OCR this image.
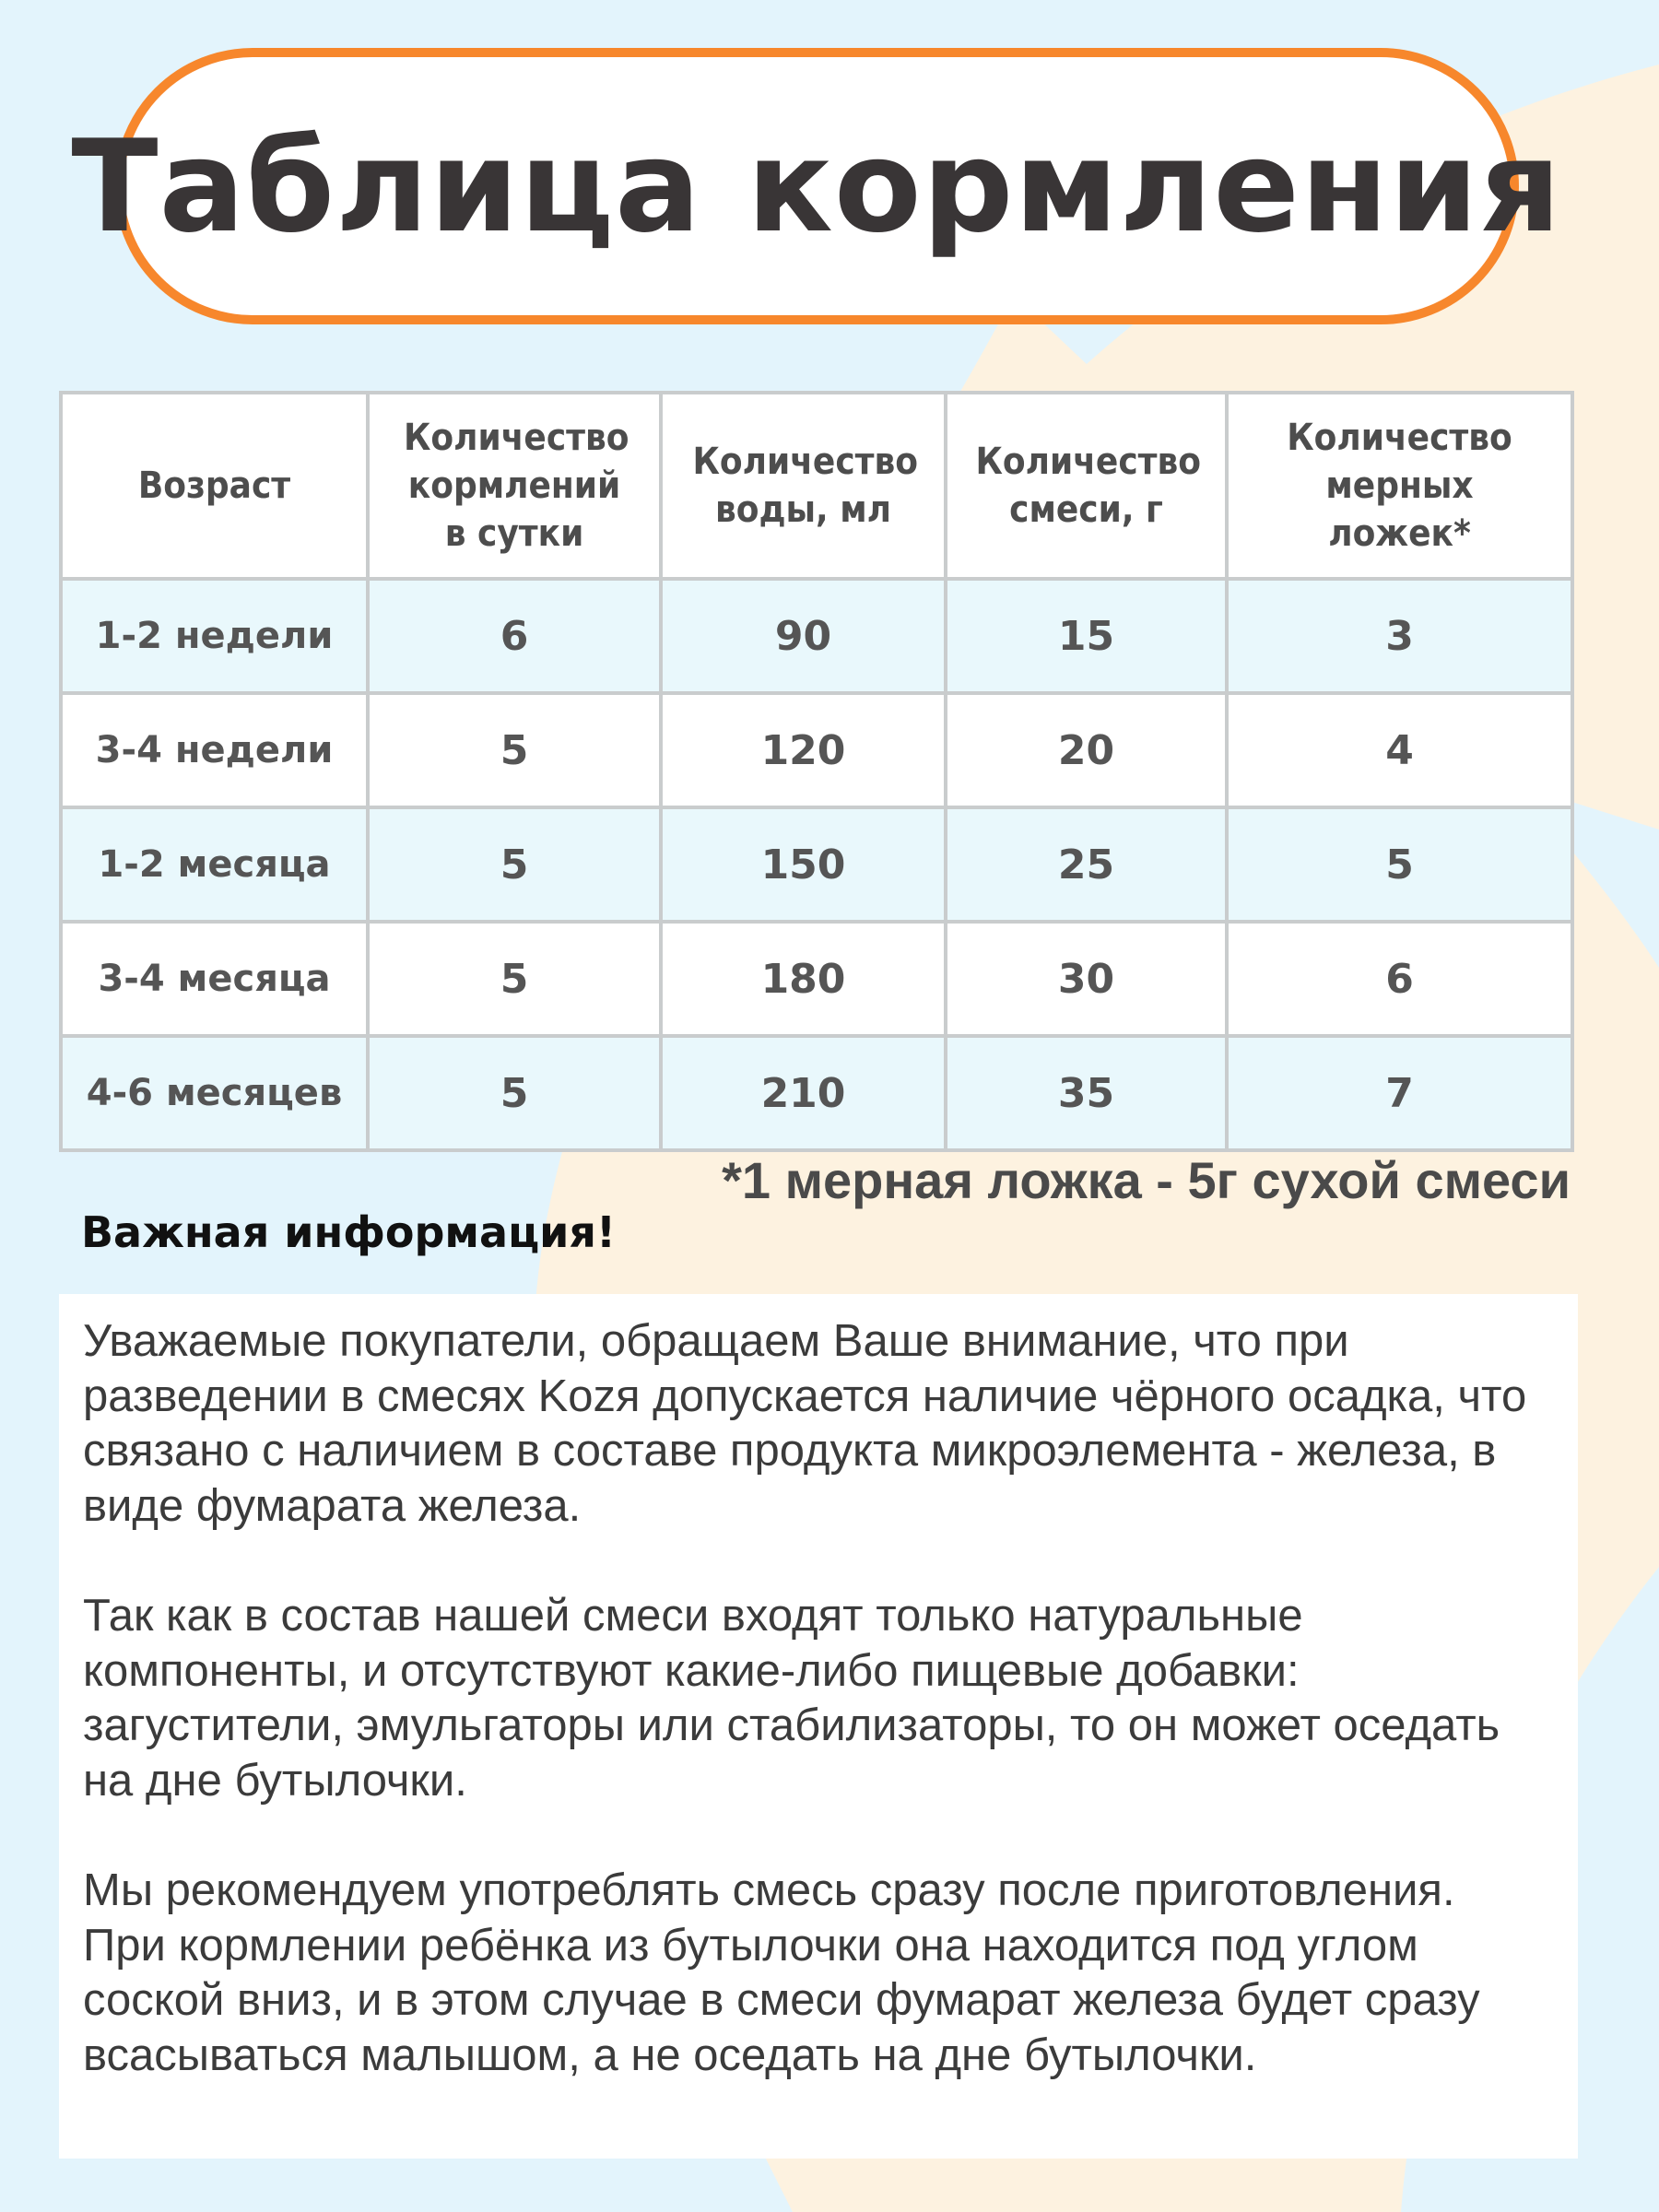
Таблица кормления
Возраст	Количество кормлений в сутки	Количество воды, мл	Количество смеси, г	Количество мерных ложек*
1-2 недели	6	90	15	3
3-4 недели	5	120	20	4
1-2 месяца	5	150	25	5
3-4 месяца	5	180	30	6
4-6 месяцев	5	210	35	7
*1 мерная ложка - 5г сухой смеси
Важная информация!

Уважаемые покупатели, обращаем Ваше внимание, что при разведении в смесях Kozя допускается наличие чёрного осадка, что связано с наличием в составе продукта микроэлемента - железа, в виде фумарата железа.

Так как в состав нашей смеси входят только натуральные компоненты, и отсутствуют какие-либо пищевые добавки: загустители, эмульгаторы или стабилизаторы, то он может оседать на дне бутылочки.

Мы рекомендуем употреблять смесь сразу после приготовления. При кормлении ребёнка из бутылочки она находится под углом соской вниз, и в этом случае в смеси фумарат железа будет сразу всасываться малышом, а не оседать на дне бутылочки.
